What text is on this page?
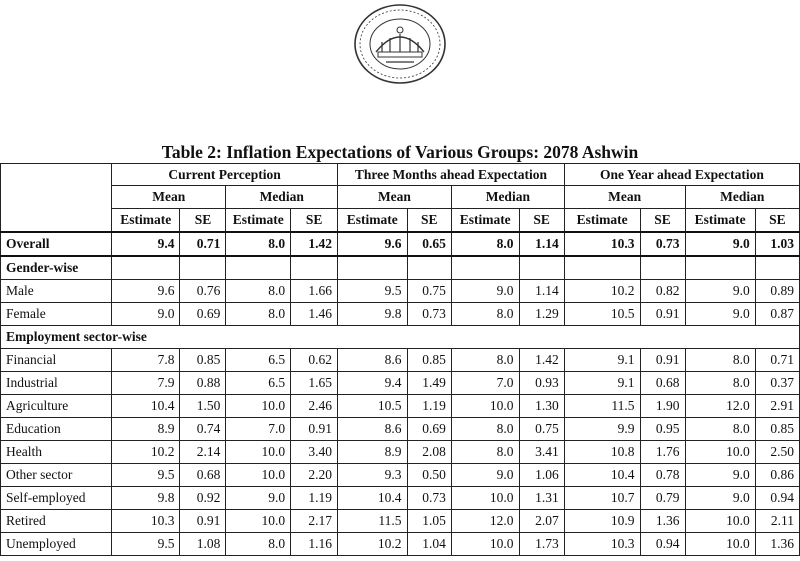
Table 2: Inflation Expectations of Various Groups: 2078 Ashwin
	Current Perception				Three Months ahead Expectation				One Year ahead Expectation			
	Mean		Median		Mean		Median		Mean		Median	
	Estimate	SE	Estimate	SE	Estimate	SE	Estimate	SE	Estimate	SE	Estimate	SE
Overall	9.4	0.71	8.0	1.42	9.6	0.65	8.0	1.14	10.3	0.73	9.0	1.03
Gender-wise												
Male	9.6	0.76	8.0	1.66	9.5	0.75	9.0	1.14	10.2	0.82	9.0	0.89
Female	9.0	0.69	8.0	1.46	9.8	0.73	8.0	1.29	10.5	0.91	9.0	0.87
Employment sector-wise												
Financial	7.8	0.85	6.5	0.62	8.6	0.85	8.0	1.42	9.1	0.91	8.0	0.71
Industrial	7.9	0.88	6.5	1.65	9.4	1.49	7.0	0.93	9.1	0.68	8.0	0.37
Agriculture	10.4	1.50	10.0	2.46	10.5	1.19	10.0	1.30	11.5	1.90	12.0	2.91
Education	8.9	0.74	7.0	0.91	8.6	0.69	8.0	0.75	9.9	0.95	8.0	0.85
Health	10.2	2.14	10.0	3.40	8.9	2.08	8.0	3.41	10.8	1.76	10.0	2.50
Other sector	9.5	0.68	10.0	2.20	9.3	0.50	9.0	1.06	10.4	0.78	9.0	0.86
Self-employed	9.8	0.92	9.0	1.19	10.4	0.73	10.0	1.31	10.7	0.79	9.0	0.94
Retired	10.3	0.91	10.0	2.17	11.5	1.05	12.0	2.07	10.9	1.36	10.0	2.11
Unemployed	9.5	1.08	8.0	1.16	10.2	1.04	10.0	1.73	10.3	0.94	10.0	1.36
